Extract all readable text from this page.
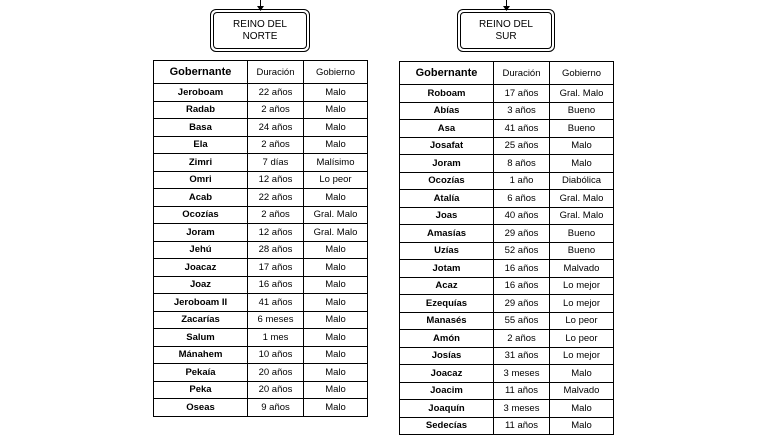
REINO DEL
NORTE
REINO DEL
SUR
Gobernante	Duración	Gobierno
Jeroboam	22 años	Malo
Radab	2 años	Malo
Basa	24 años	Malo
Ela	2 años	Malo
Zimri	7 días	Malísimo
Omri	12 años	Lo peor
Acab	22 años	Malo
Ocozías	2 años	Gral. Malo
Joram	12 años	Gral. Malo
Jehú	28 años	Malo
Joacaz	17 años	Malo
Joaz	16 años	Malo
Jeroboam II	41 años	Malo
Zacarías	6 meses	Malo
Salum	1 mes	Malo
Mánahem	10 años	Malo
Pekaía	20 años	Malo
Peka	20 años	Malo
Oseas	9 años	Malo
Gobernante	Duración	Gobierno
Roboam	17 años	Gral. Malo
Abías	3 años	Bueno
Asa	41 años	Bueno
Josafat	25 años	Malo
Joram	8 años	Malo
Ocozías	1 año	Diabólica
Atalía	6 años	Gral. Malo
Joas	40 años	Gral. Malo
Amasías	29 años	Bueno
Uzías	52 años	Bueno
Jotam	16 años	Malvado
Acaz	16 años	Lo mejor
Ezequías	29 años	Lo mejor
Manasés	55 años	Lo peor
Amón	2 años	Lo peor
Josías	31 años	Lo mejor
Joacaz	3 meses	Malo
Joacim	11 años	Malvado
Joaquín	3 meses	Malo
Sedecías	11 años	Malo
